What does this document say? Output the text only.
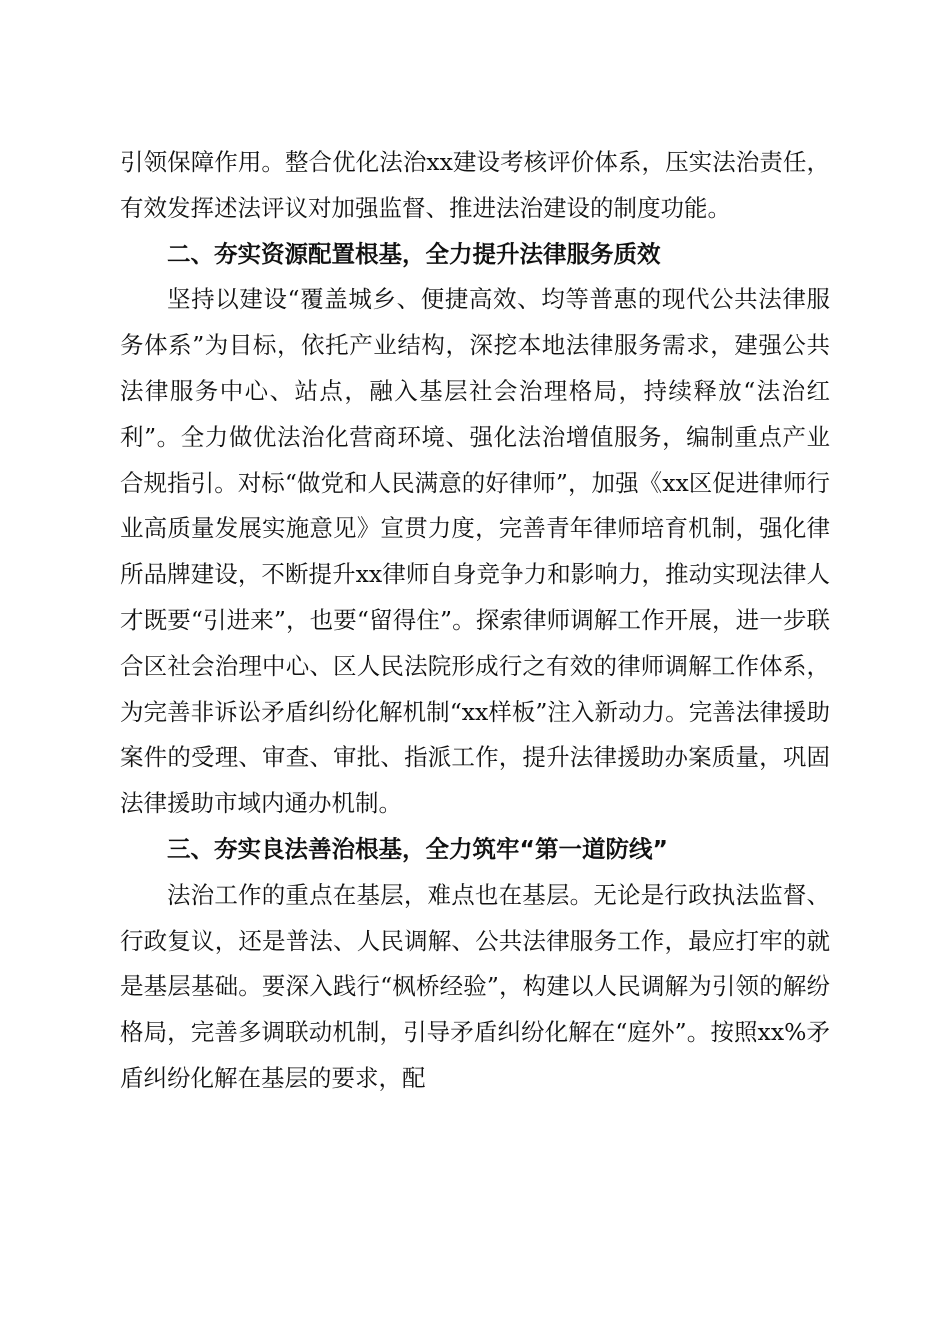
引领保障作用。整合优化法治xx建设考核评价体系，压实法治责任，有效发挥述法评议对加强监督、推进法治建设的制度功能。

二、夯实资源配置根基，全力提升法律服务质效

坚持以建设“覆盖城乡、便捷高效、均等普惠的现代公共法律服务体系”为目标，依托产业结构，深挖本地法律服务需求，建强公共法律服务中心、站点，融入基层社会治理格局，持续释放“法治红利”。全力做优法治化营商环境、强化法治增值服务，编制重点产业合规指引。对标“做党和人民满意的好律师”，加强《xx区促进律师行业高质量发展实施意见》宣贯力度，完善青年律师培育机制，强化律所品牌建设，不断提升xx律师自身竞争力和影响力，推动实现法律人才既要“引进来”，也要“留得住”。探索律师调解工作开展，进一步联合区社会治理中心、区人民法院形成行之有效的律师调解工作体系，为完善非诉讼矛盾纠纷化解机制“xx样板”注入新动力。完善法律援助案件的受理、审查、审批、指派工作，提升法律援助办案质量，巩固法律援助市域内通办机制。

三、夯实良法善治根基，全力筑牢“第一道防线”

法治工作的重点在基层，难点也在基层。无论是行政执法监督、行政复议，还是普法、人民调解、公共法律服务工作，最应打牢的就是基层基础。要深入践行“枫桥经验”，构建以人民调解为引领的解纷格局，完善多调联动机制，引导矛盾纠纷化解在“庭外”。按照xx%矛盾纠纷化解在基层的要求，配
